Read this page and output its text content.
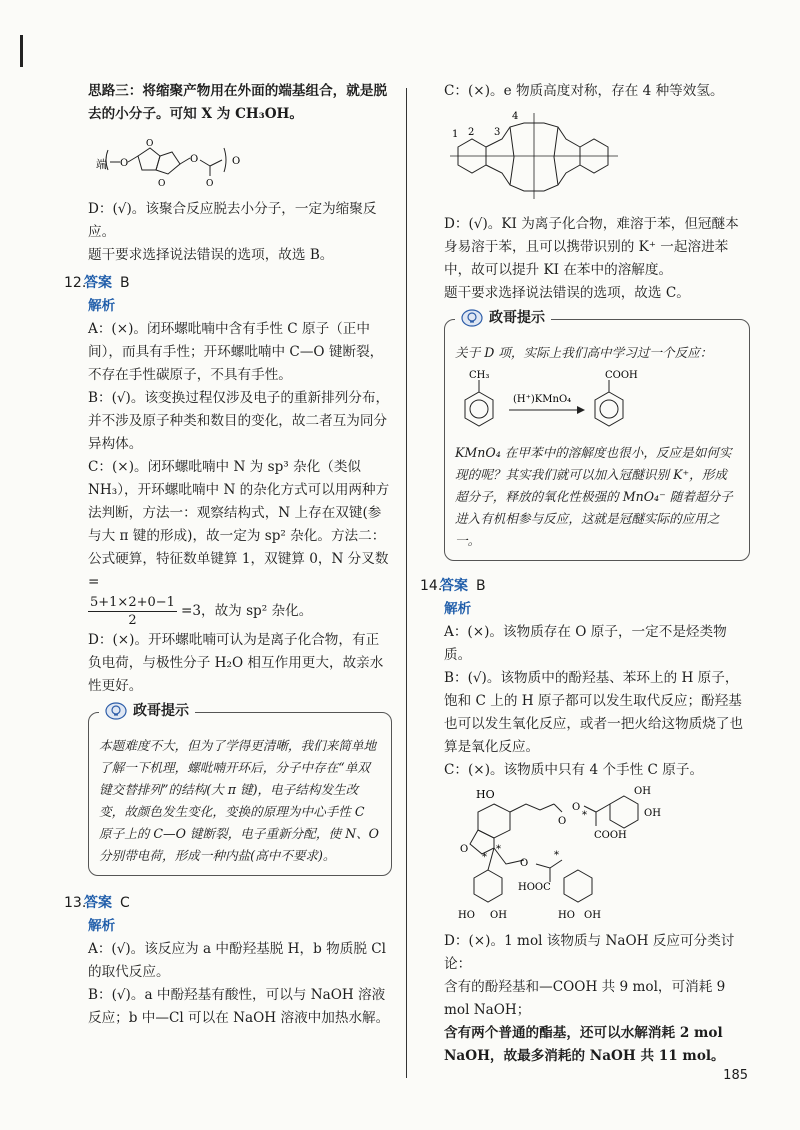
思路三：将缩聚产物用在外面的端基组合，就是脱去的小分子。可知 X 为 CH₃OH。

端 O
O
O
O
O
O

D：(√)。该聚合反应脱去小分子，一定为缩聚反应。

题干要求选择说法错误的选项，故选 B。

12.答案 B

解析

A：(×)。闭环螺吡喃中含有手性 C 原子（正中间），而具有手性；开环螺吡喃中 C—O 键断裂，不存在手性碳原子，不具有手性。

B：(√)。该变换过程仅涉及电子的重新排列分布，并不涉及原子种类和数目的变化，故二者互为同分异构体。

C：(×)。闭环螺吡喃中 N 为 sp³ 杂化（类似 NH₃），开环螺吡喃中 N 的杂化方式可以用两种方法判断，方法一：观察结构式，N 上存在双键(参与大 π 键的形成)，故一定为 sp² 杂化。方法二：公式硬算，特征数单键算 1，双键算 0，N 分叉数 =

$\frac{5+1\times 2+0-1}{2} =3$，故为 sp² 杂化。

D：(×)。开环螺吡喃可认为是离子化合物，有正负电荷，与极性分子 H₂O 相互作用更大，故亲水性更好。

政哥提示

本题难度不大，但为了学得更清晰，我们来简单地了解一下机理，螺吡喃开环后，分子中存在“单双键交替排列”的结构(大 π 键)，电子结构发生改变，故颜色发生变化，变换的原理为中心手性 C 原子上的 C—O 键断裂，电子重新分配，使 N、O 分别带电荷，形成一种内盐(高中不要求)。

13.答案 C

解析

A：(√)。该反应为 a 中酚羟基脱 H，b 物质脱 Cl 的取代反应。

B：(√)。a 中酚羟基有酸性，可以与 NaOH 溶液反应；b 中—Cl 可以在 NaOH 溶液中加热水解。

C：(×)。e 物质高度对称，存在 4 种等效氢。

1 2 3
4

D：(√)。KI 为离子化合物，难溶于苯，但冠醚本身易溶于苯，且可以携带识别的 K⁺ 一起溶进苯中，故可以提升 KI 在苯中的溶解度。

题干要求选择说法错误的选项，故选 C。

政哥提示

关于 D 项，实际上我们高中学习过一个反应：

CH₃
(H⁺)KMnO₄
COOH

KMnO₄ 在甲苯中的溶解度也很小，反应是如何实现的呢？其实我们就可以加入冠醚识别 K⁺，形成超分子，释放的氧化性极强的 MnO₄⁻ 随着超分子进入有机相参与反应，这就是冠醚实际的应用之一。

14.答案 B

解析

A：(×)。该物质存在 O 原子，一定不是烃类物质。

B：(√)。该物质中的酚羟基、苯环上的 H 原子，饱和 C 上的 H 原子都可以发生取代反应；酚羟基也可以发生氧化反应，或者一把火给这物质烧了也算是氧化反应。

C：(×)。该物质中只有 4 个手性 C 原子。

HO
O
*
*
O
O
*
COOH
OH
OH
O
*
HOOC
HO OH
HO OH

D：(×)。1 mol 该物质与 NaOH 反应可分类讨论：

含有的酚羟基和—COOH 共 9 mol，可消耗 9 mol NaOH；

含有两个普通的酯基，还可以水解消耗 2 mol NaOH，故最多消耗的 NaOH 共 11 mol。

185
